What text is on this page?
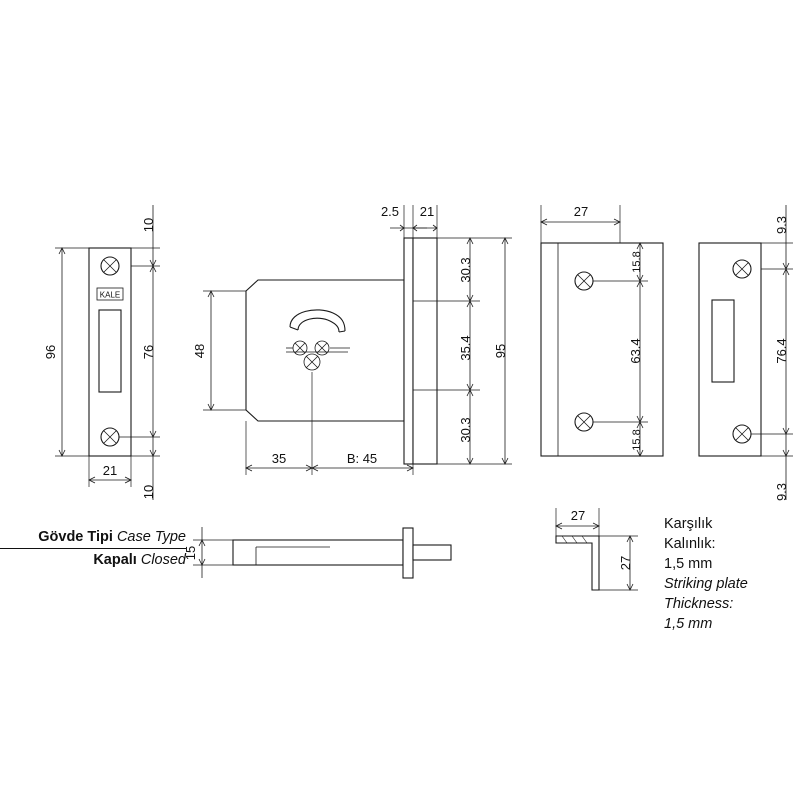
KALE
10
96	76
10
21
2.5 21
48
30.3
35.4
30.3
95
35	B: 45
27
15.8
63.4
15.8
9.3
76.4
9.3
15
27
27
Gövde Tipi Case Type
Kapalı Closed
Karşılık
Kalınlık:
1,5 mm
Striking plate
Thickness:
1,5 mm
